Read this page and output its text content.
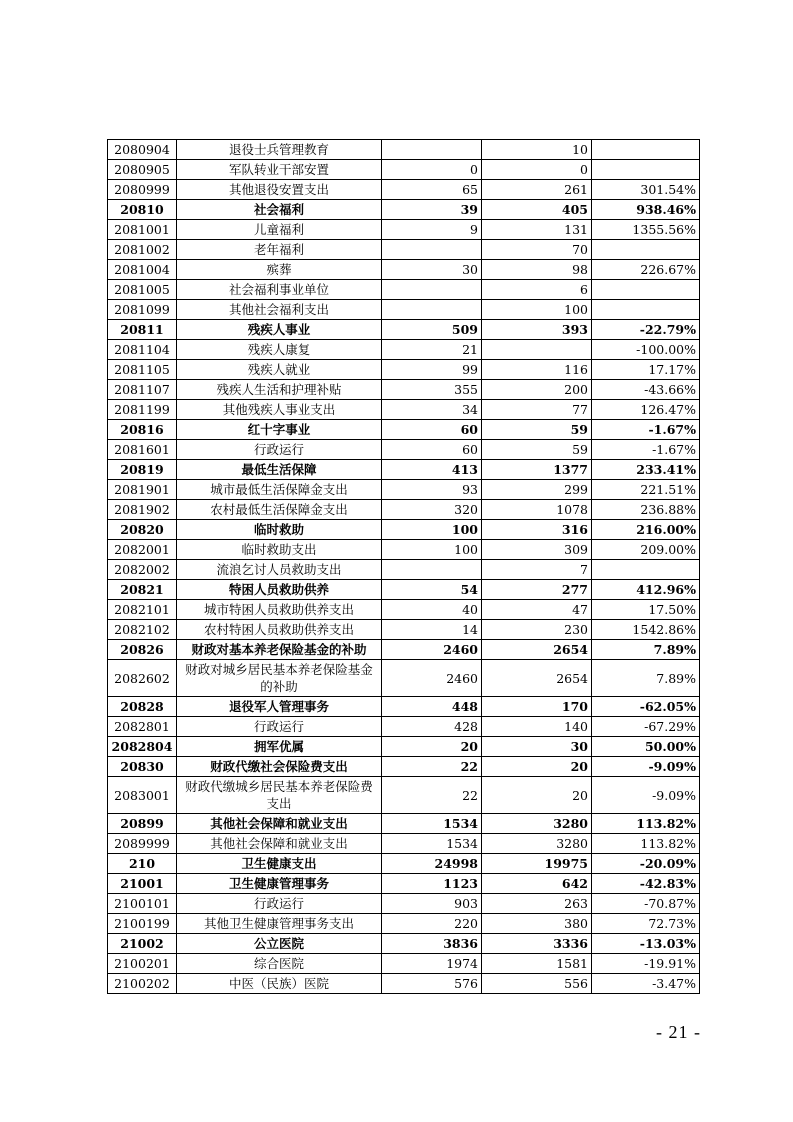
2080904	退役士兵管理教育		10	
2080905	军队转业干部安置	0	0	
2080999	其他退役安置支出	65	261	301.54%
20810	社会福利	39	405	938.46%
2081001	儿童福利	9	131	1355.56%
2081002	老年福利		70	
2081004	殡葬	30	98	226.67%
2081005	社会福利事业单位		6	
2081099	其他社会福利支出		100	
20811	残疾人事业	509	393	-22.79%
2081104	残疾人康复	21		-100.00%
2081105	残疾人就业	99	116	17.17%
2081107	残疾人生活和护理补贴	355	200	-43.66%
2081199	其他残疾人事业支出	34	77	126.47%
20816	红十字事业	60	59	-1.67%
2081601	行政运行	60	59	-1.67%
20819	最低生活保障	413	1377	233.41%
2081901	城市最低生活保障金支出	93	299	221.51%
2081902	农村最低生活保障金支出	320	1078	236.88%
20820	临时救助	100	316	216.00%
2082001	临时救助支出	100	309	209.00%
2082002	流浪乞讨人员救助支出		7	
20821	特困人员救助供养	54	277	412.96%
2082101	城市特困人员救助供养支出	40	47	17.50%
2082102	农村特困人员救助供养支出	14	230	1542.86%
20826	财政对基本养老保险基金的补助	2460	2654	7.89%
2082602	财政对城乡居民基本养老保险基金的补助	2460	2654	7.89%
20828	退役军人管理事务	448	170	-62.05%
2082801	行政运行	428	140	-67.29%
2082804	拥军优属	20	30	50.00%
20830	财政代缴社会保险费支出	22	20	-9.09%
2083001	财政代缴城乡居民基本养老保险费支出	22	20	-9.09%
20899	其他社会保障和就业支出	1534	3280	113.82%
2089999	其他社会保障和就业支出	1534	3280	113.82%
210	卫生健康支出	24998	19975	-20.09%
21001	卫生健康管理事务	1123	642	-42.83%
2100101	行政运行	903	263	-70.87%
2100199	其他卫生健康管理事务支出	220	380	72.73%
21002	公立医院	3836	3336	-13.03%
2100201	综合医院	1974	1581	-19.91%
2100202	中医（民族）医院	576	556	-3.47%
- 21 -
